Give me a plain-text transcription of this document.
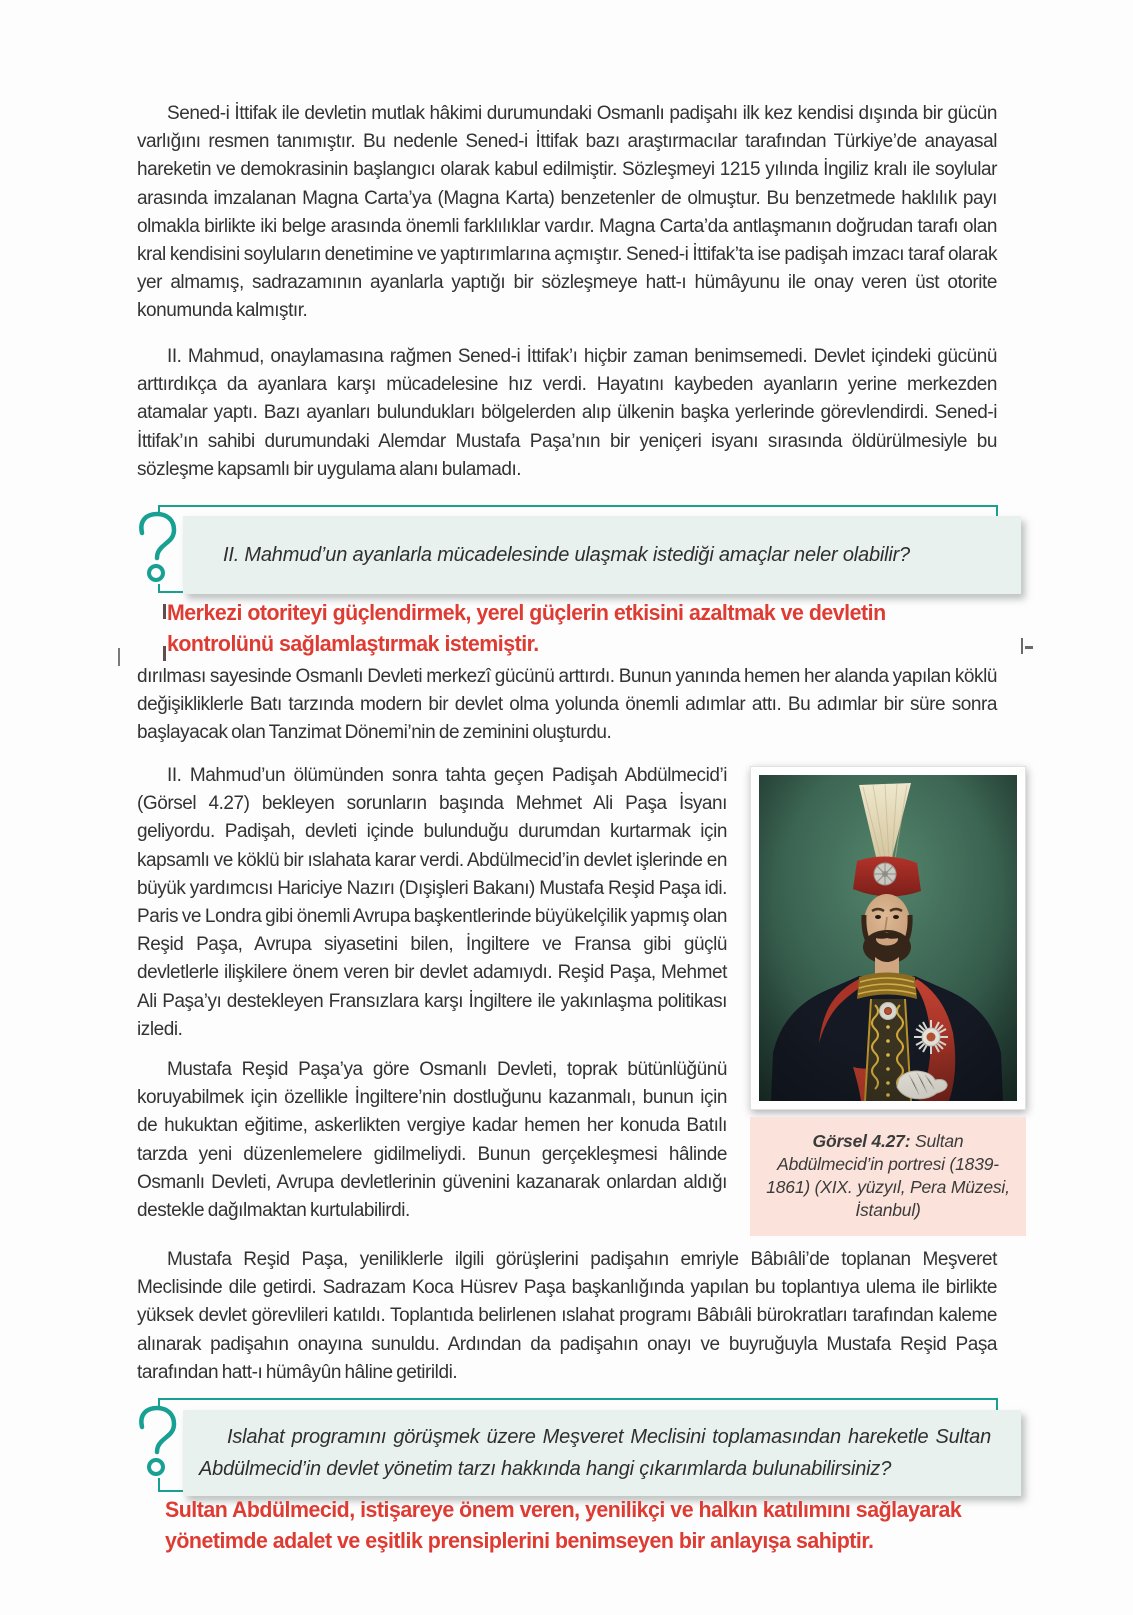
Sened-i İttifak ile devletin mutlak hâkimi durumundaki Osmanlı padişahı ilk kez kendisi dışında bir gücün varlığını resmen tanımıştır. Bu nedenle Sened-i İttifak bazı araştırmacılar tarafından Türkiye’de anayasal hareketin ve demokrasinin başlangıcı olarak kabul edilmiştir. Sözleşmeyi 1215 yılında İngiliz kralı ile soylular arasında imzalanan Magna Carta’ya (Magna Karta) benzetenler de olmuştur. Bu benzetmede haklılık payı olmakla birlikte iki belge arasında önemli farklılıklar vardır. Magna Carta’da antlaşmanın doğrudan tarafı olan kral kendisini soyluların denetimine ve yaptırımlarına açmıştır. Sened-i İttifak’ta ise padişah imzacı taraf olarak yer almamış, sadrazamının ayanlarla yaptığı bir sözleşmeye hatt-ı hümâyunu ile onay veren üst otorite konumunda kalmıştır.

II. Mahmud, onaylamasına rağmen Sened-i İttifak’ı hiçbir zaman benimsemedi. Devlet içindeki gücünü arttırdıkça da ayanlara karşı mücadelesine hız verdi. Hayatını kaybeden ayanların yerine merkezden atamalar yaptı. Bazı ayanları bulundukları bölgelerden alıp ülkenin başka yerlerinde görevlendirdi. Sened-i İttifak’ın sahibi durumundaki Alemdar Mustafa Paşa’nın bir yeniçeri isyanı sırasında öldürülmesiyle bu sözleşme kapsamlı bir uygulama alanı bulamadı.

II. Mahmud’un ayanlarla mücadelesinde ulaşmak istediği amaçlar neler olabilir?
Merkezi otoriteyi güçlendirmek, yerel güçlerin etkisini azaltmak ve devletin
kontrolünü sağlamlaştırmak istemiştir.

dırılması sayesinde Osmanlı Devleti merkezî gücünü arttırdı. Bunun yanında hemen her alanda yapılan köklü değişikliklerle Batı tarzında modern bir devlet olma yolunda önemli adımlar attı. Bu adımlar bir süre sonra başlayacak olan Tanzimat Dönemi’nin de zeminini oluşturdu.

II. Mahmud’un ölümünden sonra tahta geçen Padişah Abdülmecid’i (Görsel 4.27) bekleyen sorunların başında Mehmet Ali Paşa İsyanı geliyordu. Padişah, devleti içinde bulunduğu durumdan kurtarmak için kapsamlı ve köklü bir ıslahata karar verdi. Abdülmecid’in devlet işlerinde en büyük yardımcısı Hariciye Nazırı (Dışişleri Bakanı) Mustafa Reşid Paşa idi. Paris ve Londra gibi önemli Avrupa başkentlerinde büyükelçilik yapmış olan Reşid Paşa, Avrupa siyasetini bilen, İngiltere ve Fransa gibi güçlü devletlerle ilişkilere önem veren bir devlet adamıydı. Reşid Paşa, Mehmet Ali Paşa’yı destekleyen Fransızlara karşı İngiltere ile yakınlaşma politikası izledi.

Mustafa Reşid Paşa’ya göre Osmanlı Devleti, toprak bütünlüğünü koruyabilmek için özellikle İngiltere’nin dostluğunu kazanmalı, bunun için de hukuktan eğitime, askerlikten vergiye kadar hemen her konuda Batılı tarzda yeni düzenlemelere gidilmeliydi. Bunun gerçekleşmesi hâlinde Osmanlı Devleti, Avrupa devletlerinin güvenini kazanarak onlardan aldığı destekle dağılmaktan kurtulabilirdi.

Görsel 4.27: Sultan Abdülmecid’in portresi (1839-1861) (XIX. yüzyıl, Pera Müzesi, İstanbul)

Mustafa Reşid Paşa, yeniliklerle ilgili görüşlerini padişahın emriyle Bâbıâli’de toplanan Meşveret Meclisinde dile getirdi. Sadrazam Koca Hüsrev Paşa başkanlığında yapılan bu toplantıya ulema ile birlikte yüksek devlet görevlileri katıldı. Toplantıda belirlenen ıslahat programı Bâbıâli bürokratları tarafından kaleme alınarak padişahın onayına sunuldu. Ardından da padişahın onayı ve buyruğuyla Mustafa Reşid Paşa tarafından hatt-ı hümâyûn hâline getirildi.

Islahat programını görüşmek üzere Meşveret Meclisini toplamasından hareketle Sultan Abdülmecid’in devlet yönetim tarzı hakkında hangi çıkarımlarda bulunabilirsiniz?
Sultan Abdülmecid, istişareye önem veren, yenilikçi ve halkın katılımını sağlayarak
yönetimde adalet ve eşitlik prensiplerini benimseyen bir anlayışa sahiptir.
